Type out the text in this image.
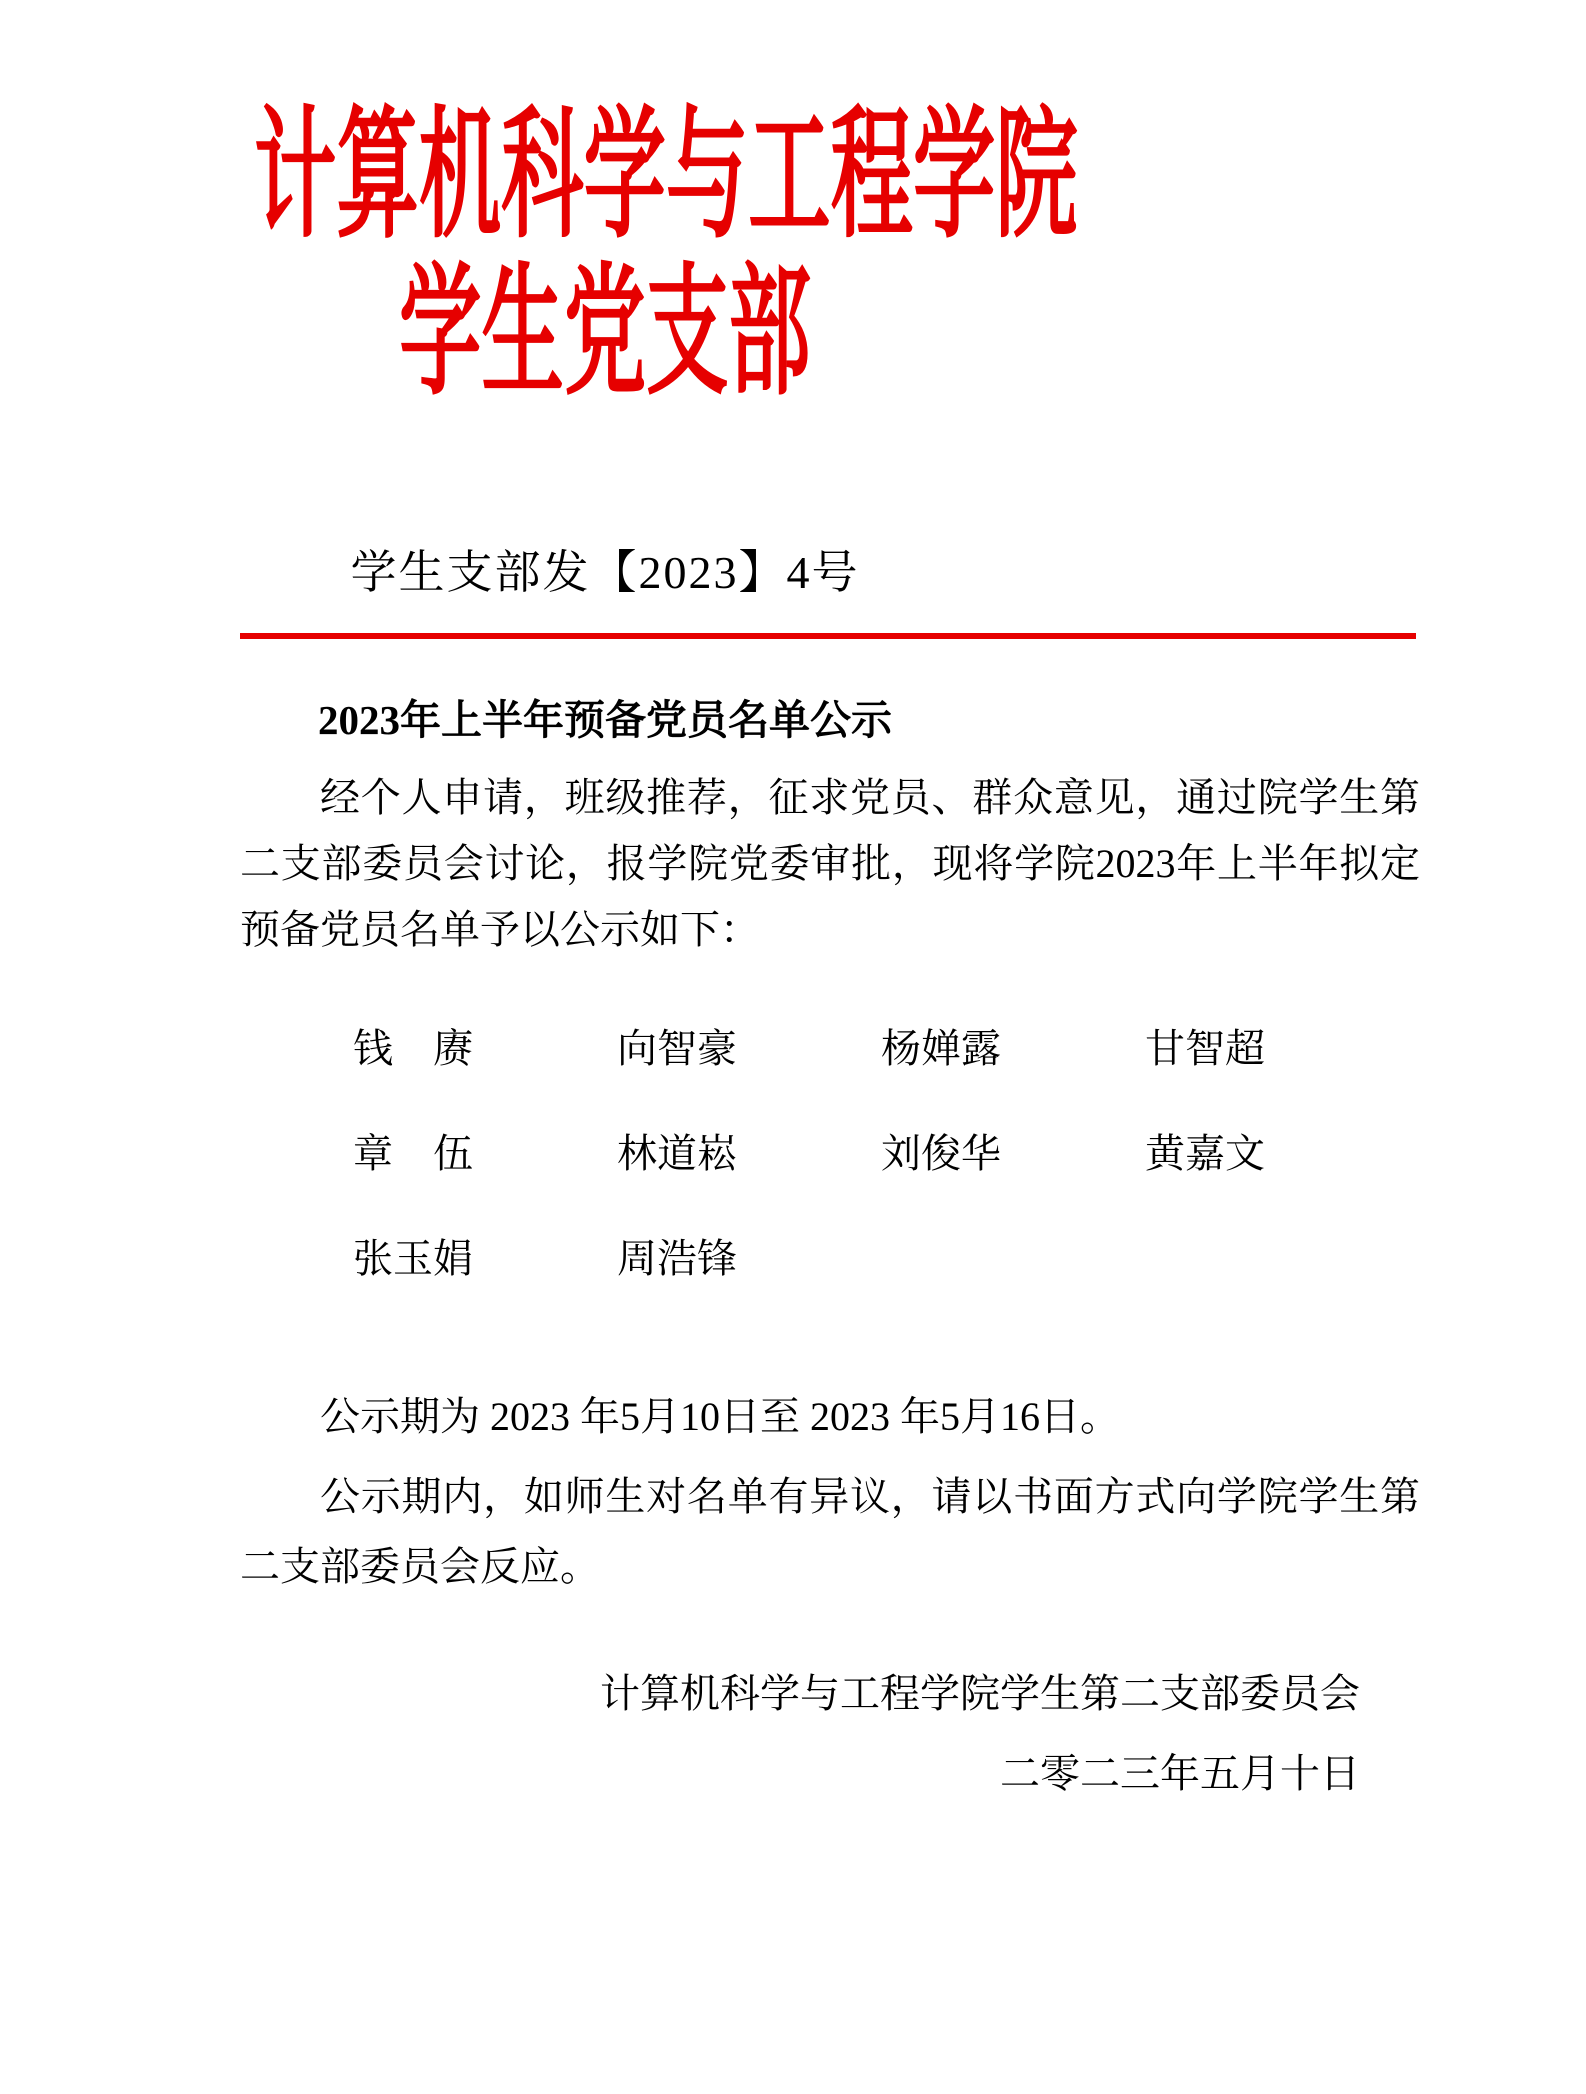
计算机科学与工程学院
学生党支部
学生支部发【2023】4号
2023年上半年预备党员名单公示

经个人申请，班级推荐，征求党员、群众意见，通过院学生第二支部委员会讨论，报学院党委审批，现将学院2023年上半年拟定预备党员名单予以公示如下：

钱　赓	向智豪	杨婵露	甘智超
章　伍	林道崧	刘俊华	黄嘉文
张玉娟	周浩锋

公示期为 2023 年5月10日至 2023 年5月16日。

公示期内，如师生对名单有异议，请以书面方式向学院学生第二支部委员会反应。

计算机科学与工程学院学生第二支部委员会
二零二三年五月十日
